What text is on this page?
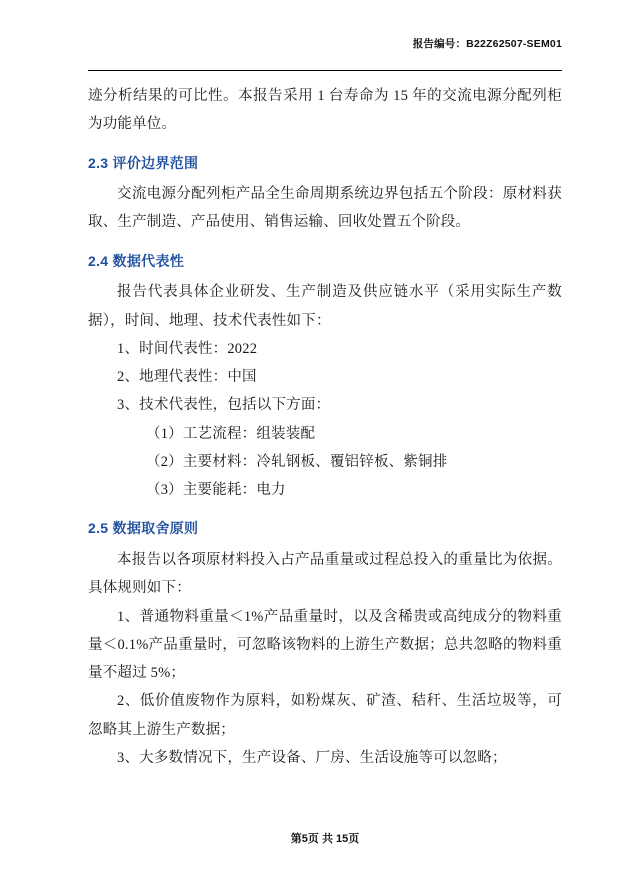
报告编号：B22Z62507-SEM01

迹分析结果的可比性。本报告采用 1 台寿命为 15 年的交流电源分配列柜为功能单位。

2.3 评价边界范围

交流电源分配列柜产品全生命周期系统边界包括五个阶段：原材料获取、生产制造、产品使用、销售运输、回收处置五个阶段。

2.4 数据代表性

报告代表具体企业研发、生产制造及供应链水平（采用实际生产数据），时间、地理、技术代表性如下：

1、时间代表性：2022

2、地理代表性：中国

3、技术代表性，包括以下方面：

（1）工艺流程：组装装配

（2）主要材料：冷轧钢板、覆铝锌板、紫铜排

（3）主要能耗：电力

2.5 数据取舍原则

本报告以各项原材料投入占产品重量或过程总投入的重量比为依据。具体规则如下：

1、普通物料重量＜1%产品重量时，以及含稀贵或高纯成分的物料重量＜0.1%产品重量时，可忽略该物料的上游生产数据；总共忽略的物料重量不超过 5%；

2、低价值废物作为原料，如粉煤灰、矿渣、秸秆、生活垃圾等，可忽略其上游生产数据；

3、大多数情况下，生产设备、厂房、生活设施等可以忽略；

第5页 共 15页
